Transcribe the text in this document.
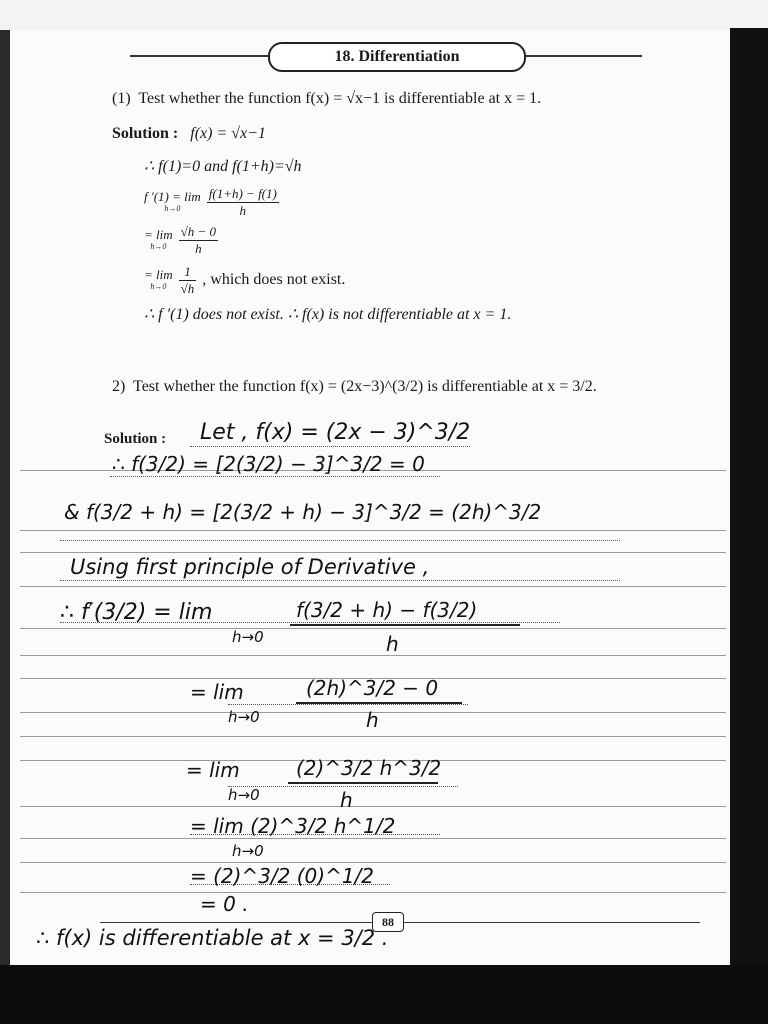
18. Differentiation
(1) Test whether the function f(x) = √x−1 is differentiable at x = 1.
Solution : f(x) = √x−1
∴ f(1)=0 and f(1+h)=√h
f ′(1) = lim
h→0
	$\frac{f(1+h) - f(1)}{h}$
= lim
h→0
$\frac{√h - 0}{h}$
= lim
h→0
$\frac{1}{√h}$ , which does not exist.
∴ f ′(1) does not exist. ∴ f(x) is not differentiable at x = 1.
2) Test whether the function f(x) = (2x−3)^(3/2) is differentiable at x = 3/2.
Solution : Let , f(x) = (2x − 3)^3/2
∴ f(3/2) = [2(3/2) − 3]^3/2 = 0
& f(3/2 + h) = [2(3/2 + h) − 3]^3/2 = (2h)^3/2
Using first principle of Derivative ,
∴ f′(3/2) = lim
h→0
f(3/2 + h) − f(3/2)
h
= lim
h→0
(2h)^3/2 − 0
h
= lim
h→0
(2)^3/2 h^3/2
h
= lim (2)^3/2 h^1/2
h→0
= (2)^3/2 (0)^1/2
= 0 .
88
∴ f(x) is differentiable at x = 3/2 .
